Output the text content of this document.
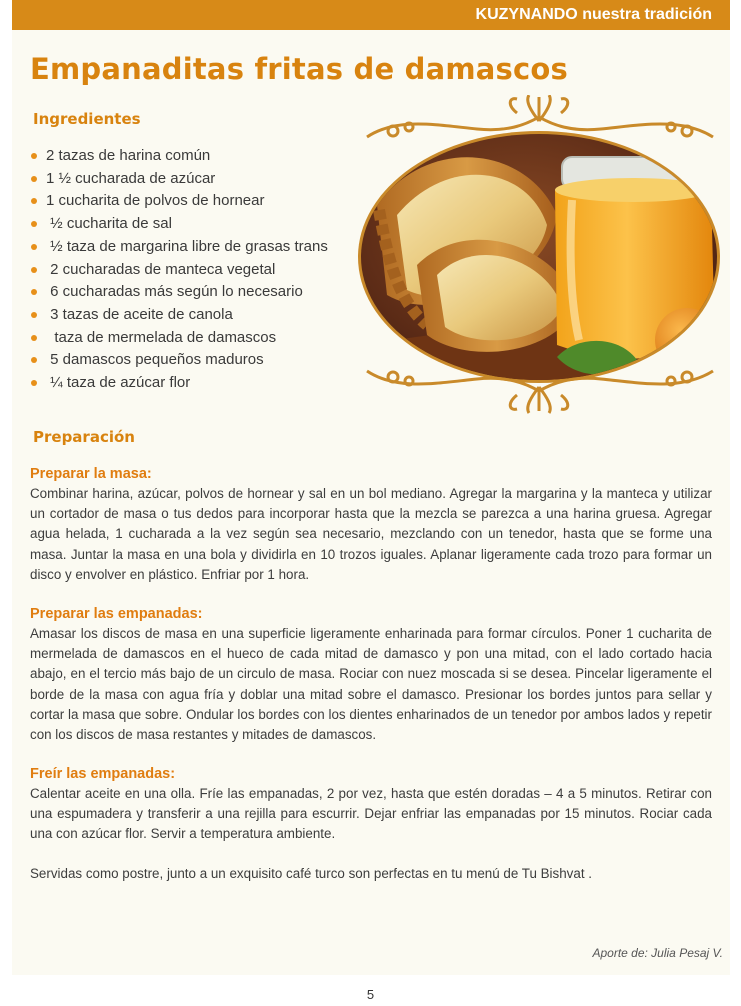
KUZYNANDO nuestra tradición
Empanaditas fritas de damascos
Ingredientes
2 tazas de harina común
1 ½ cucharada de azúcar
1 cucharita de polvos de hornear
½ cucharita de sal
½ taza de margarina libre de grasas trans
2 cucharadas de manteca vegetal
6 cucharadas más según lo necesario
3 tazas de aceite de canola
taza de mermelada de damascos
5 damascos pequeños maduros
¼ taza de azúcar flor
Preparación

Preparar la masa:

Combinar harina, azúcar, polvos de hornear y sal en un bol mediano. Agregar la margarina y la manteca y utilizar un cortador de masa o tus dedos para incorporar hasta que la mezcla se parezca a una harina gruesa. Agregar agua helada, 1 cucharada a la vez según sea necesario, mezclando con un tenedor, hasta que se forme una masa. Juntar la masa en una bola y dividirla en 10 trozos iguales. Aplanar ligeramente cada trozo para formar un disco y envolver en plástico. Enfriar por 1 hora.

Preparar las empanadas:

Amasar los discos de masa en una superficie ligeramente enharinada para formar círculos. Poner 1 cucharita de mermelada de damascos en el hueco de cada mitad de damasco y pon una mitad, con el lado cortado hacia abajo, en el tercio más bajo de un circulo de masa. Rociar con nuez moscada si se desea. Pincelar ligeramente el borde de la masa con agua fría y doblar una mitad sobre el damasco. Presionar los bordes juntos para sellar y cortar la masa que sobre. Ondular los bordes con los dientes enharinados de un tenedor por ambos lados y repetir con los discos de masa restantes y mitades de damascos.

Freír las empanadas:

Calentar aceite en una olla. Fríe las empanadas, 2 por vez, hasta que estén doradas – 4 a 5 minutos. Retirar con una espumadera y transferir a una rejilla para escurrir. Dejar enfriar las empanadas por 15 minutos. Rociar cada una con azúcar flor. Servir a temperatura ambiente.

Servidas como postre, junto a un exquisito café turco son perfectas en tu menú de Tu Bishvat .

Aporte de: Julia Pesaj V.
5
